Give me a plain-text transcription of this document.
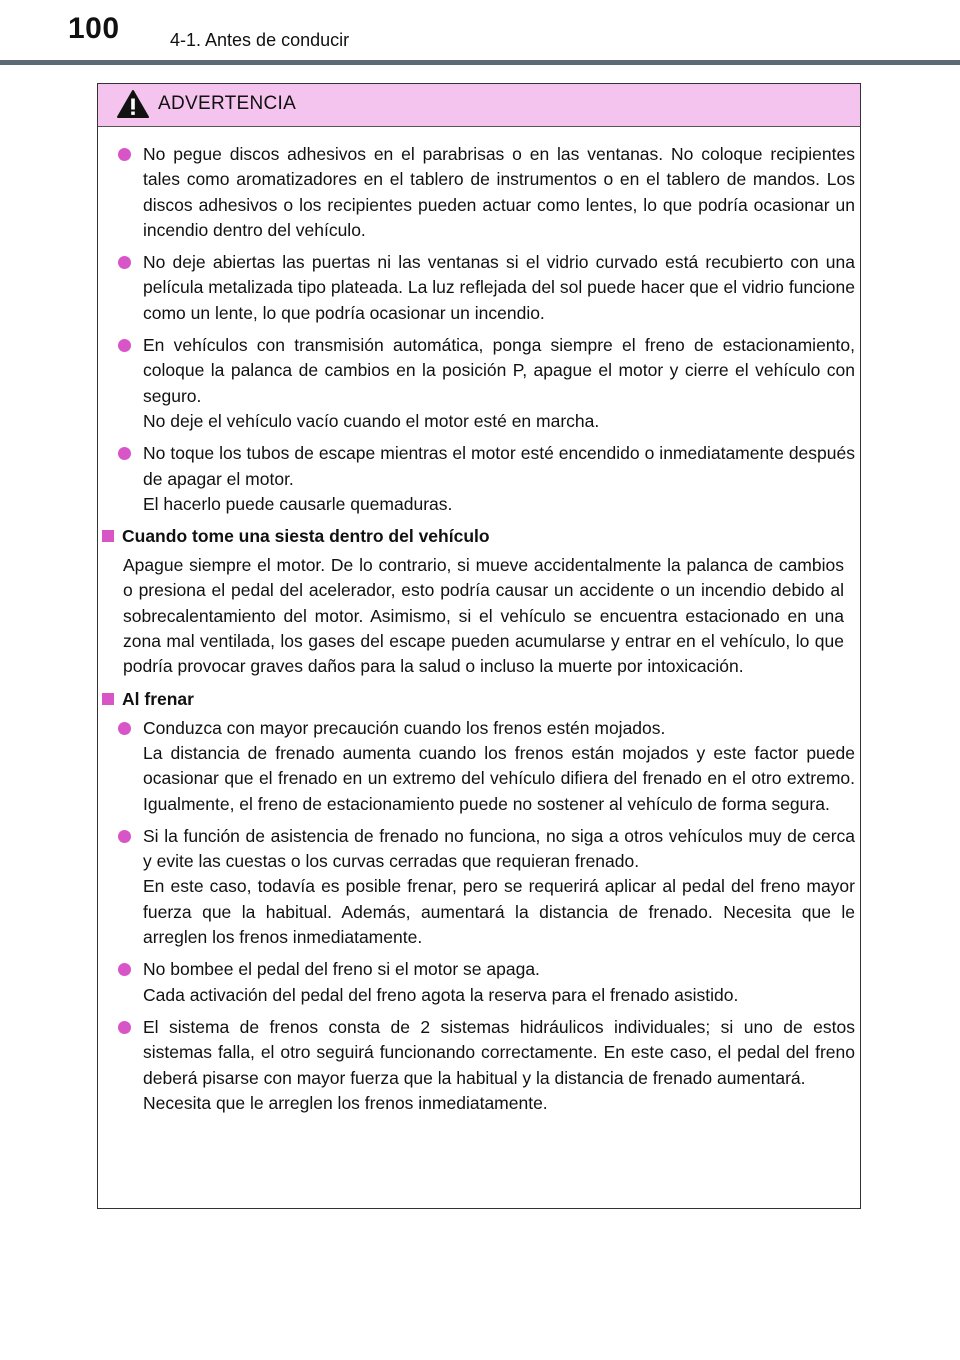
100	4-1. Antes de conducir
ADVERTENCIA

No pegue discos adhesivos en el parabrisas o en las ventanas. No coloque recipientes tales como aromatizadores en el tablero de instrumentos o en el tablero de mandos. Los discos adhesivos o los recipientes pueden actuar como lentes, lo que podría ocasionar un incendio dentro del vehículo.

No deje abiertas las puertas ni las ventanas si el vidrio curvado está recubierto con una película metalizada tipo plateada. La luz reflejada del sol puede hacer que el vidrio funcione como un lente, lo que podría ocasionar un incendio.

En vehículos con transmisión automática, ponga siempre el freno de estacionamiento, coloque la palanca de cambios en la posición P, apague el motor y cierre el vehículo con seguro.

No deje el vehículo vacío cuando el motor esté en marcha.

No toque los tubos de escape mientras el motor esté encendido o inmediatamente después de apagar el motor.

El hacerlo puede causarle quemaduras.

Cuando tome una siesta dentro del vehículo

Apague siempre el motor. De lo contrario, si mueve accidentalmente la palanca de cambios o presiona el pedal del acelerador, esto podría causar un accidente o un incendio debido al sobrecalentamiento del motor. Asimismo, si el vehículo se encuentra estacionado en una zona mal ventilada, los gases del escape pueden acumularse y entrar en el vehículo, lo que podría provocar graves daños para la salud o incluso la muerte por intoxicación.

Al frenar

Conduzca con mayor precaución cuando los frenos estén mojados.

La distancia de frenado aumenta cuando los frenos están mojados y este factor puede ocasionar que el frenado en un extremo del vehículo difiera del frenado en el otro extremo. Igualmente, el freno de estacionamiento puede no sostener al vehículo de forma segura.

Si la función de asistencia de frenado no funciona, no siga a otros vehículos muy de cerca y evite las cuestas o los curvas cerradas que requieran frenado.

En este caso, todavía es posible frenar, pero se requerirá aplicar al pedal del freno mayor fuerza que la habitual. Además, aumentará la distancia de frenado. Necesita que le arreglen los frenos inmediatamente.

No bombee el pedal del freno si el motor se apaga.

Cada activación del pedal del freno agota la reserva para el frenado asistido.

El sistema de frenos consta de 2 sistemas hidráulicos individuales; si uno de estos sistemas falla, el otro seguirá funcionando correctamente. En este caso, el pedal del freno deberá pisarse con mayor fuerza que la habitual y la distancia de frenado aumentará.

Necesita que le arreglen los frenos inmediatamente.
